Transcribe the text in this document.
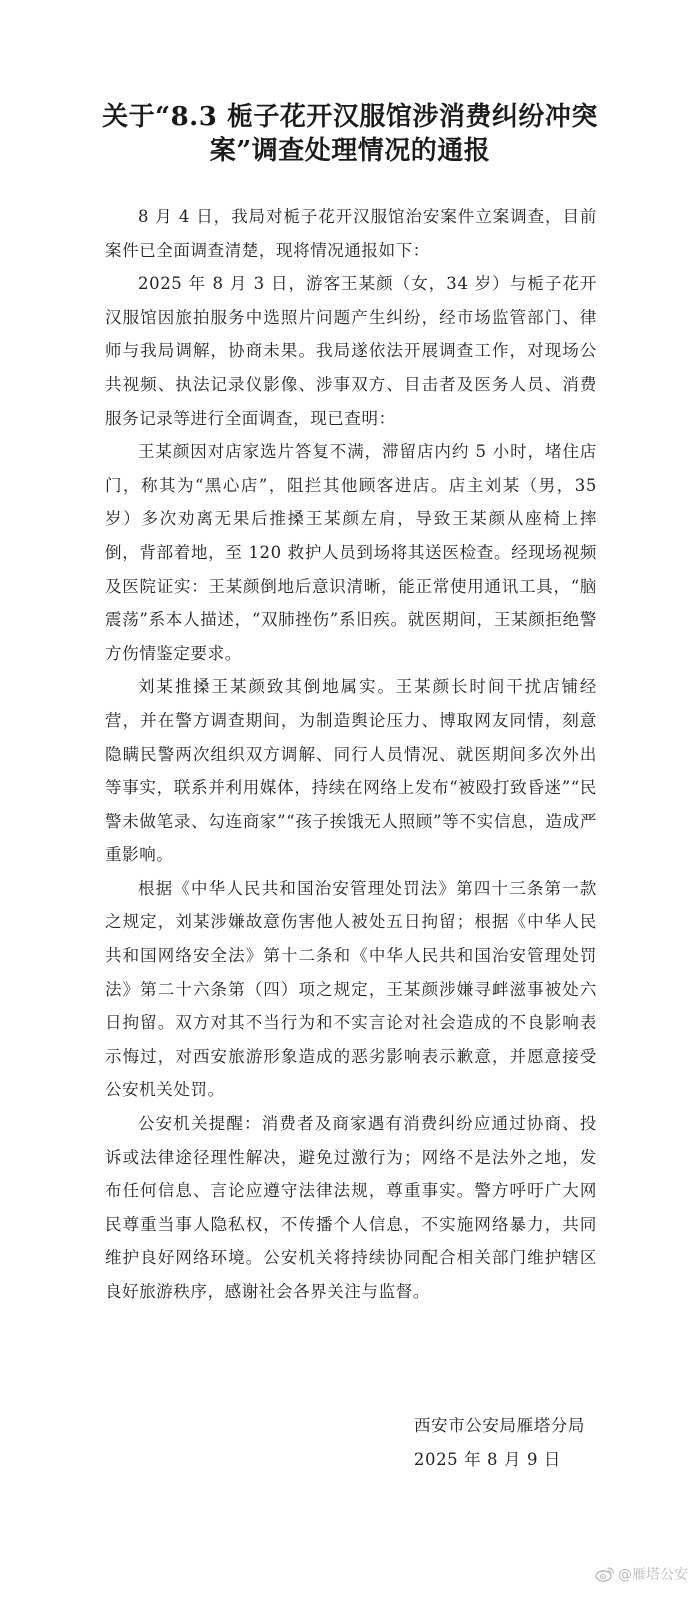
关于“8.3 栀子花开汉服馆涉消费纠纷冲突案”调查处理情况的通报

8 月 4 日，我局对栀子花开汉服馆治安案件立案调查，目前案件已全面调查清楚，现将情况通报如下：

2025 年 8 月 3 日，游客王某颜（女，34 岁）与栀子花开汉服馆因旅拍服务中选照片问题产生纠纷，经市场监管部门、律师与我局调解，协商未果。我局遂依法开展调查工作，对现场公共视频、执法记录仪影像、涉事双方、目击者及医务人员、消费服务记录等进行全面调查，现已查明：

王某颜因对店家选片答复不满，滞留店内约 5 小时，堵住店门，称其为“黑心店”，阻拦其他顾客进店。店主刘某（男，35 岁）多次劝离无果后推搡王某颜左肩，导致王某颜从座椅上摔倒，背部着地，至 120 救护人员到场将其送医检查。经现场视频及医院证实：王某颜倒地后意识清晰，能正常使用通讯工具，“脑震荡”系本人描述，“双肺挫伤”系旧疾。就医期间，王某颜拒绝警方伤情鉴定要求。

刘某推搡王某颜致其倒地属实。王某颜长时间干扰店铺经营，并在警方调查期间，为制造舆论压力、博取网友同情，刻意隐瞒民警两次组织双方调解、同行人员情况、就医期间多次外出等事实，联系并利用媒体，持续在网络上发布“被殴打致昏迷”“民警未做笔录、勾连商家”“孩子挨饿无人照顾”等不实信息，造成严重影响。

根据《中华人民共和国治安管理处罚法》第四十三条第一款之规定，刘某涉嫌故意伤害他人被处五日拘留；根据《中华人民共和国网络安全法》第十二条和《中华人民共和国治安管理处罚法》第二十六条第（四）项之规定，王某颜涉嫌寻衅滋事被处六日拘留。双方对其不当行为和不实言论对社会造成的不良影响表示悔过，对西安旅游形象造成的恶劣影响表示歉意，并愿意接受公安机关处罚。

公安机关提醒：消费者及商家遇有消费纠纷应通过协商、投诉或法律途径理性解决，避免过激行为；网络不是法外之地，发布任何信息、言论应遵守法律法规，尊重事实。警方呼吁广大网民尊重当事人隐私权，不传播个人信息，不实施网络暴力，共同维护良好网络环境。公安机关将持续协同配合相关部门维护辖区良好旅游秩序，感谢社会各界关注与监督。

西安市公安局雁塔分局
2025 年 8 月 9 日
@雁塔公安
